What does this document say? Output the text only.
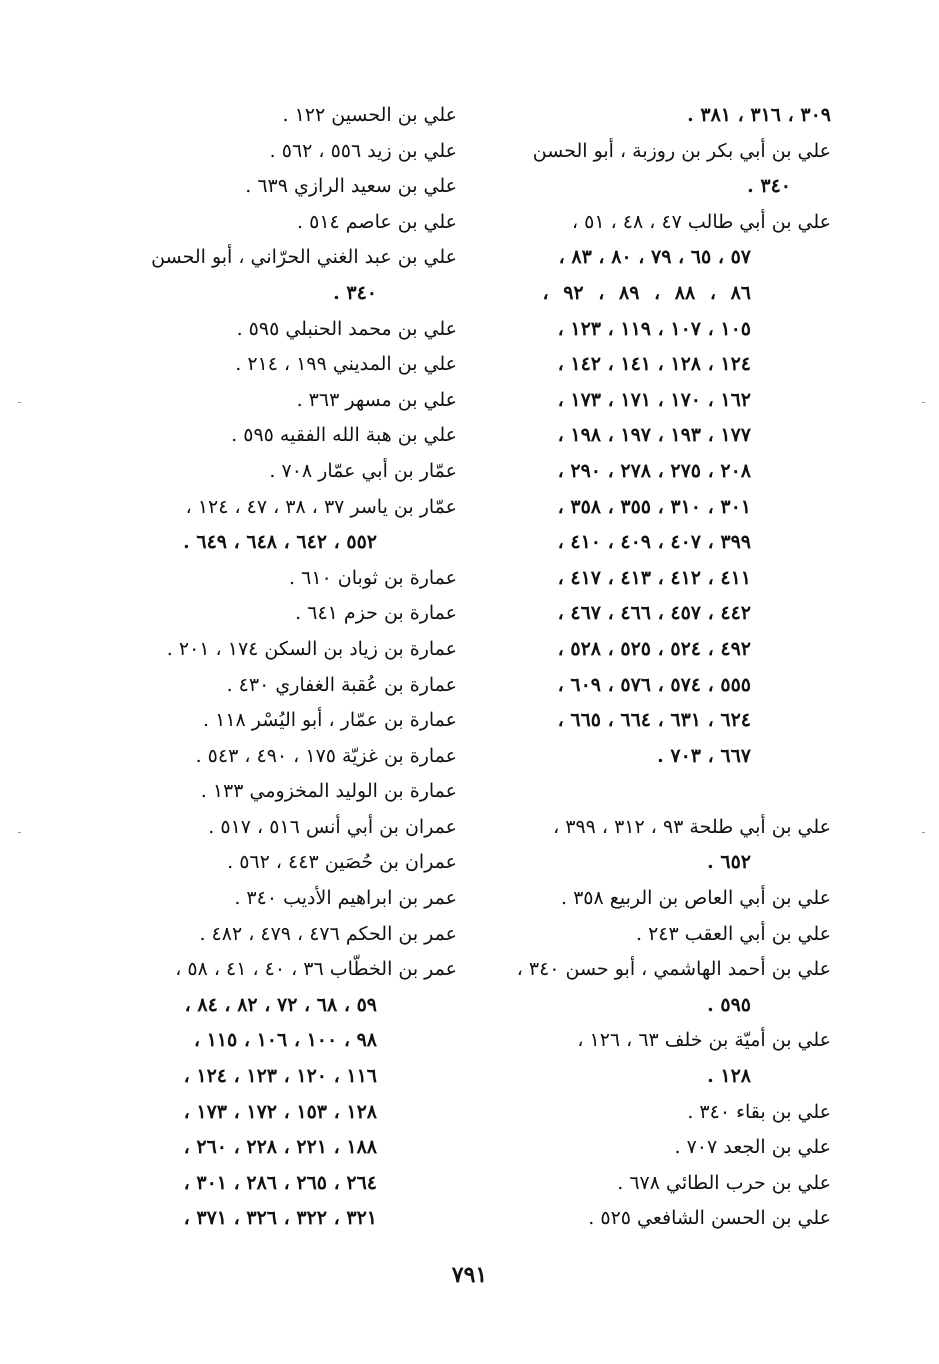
٣٠٩ ، ٣١٦ ، ٣٨١ .
علي بن أبي بكر بن روزبة ، أبو الحسن
٣٤٠ .
علي بن أبي طالب ٤٧ ، ٤٨ ، ٥١ ،
٥٧ ، ٦٥ ، ٧٩ ، ٨٠ ، ٨٣ ،
٨٦ ، ٨٨ ، ٨٩ ، ٩٢ ،
١٠٥ ، ١٠٧ ، ١١٩ ، ١٢٣ ،
١٢٤ ، ١٢٨ ، ١٤١ ، ١٤٢ ،
١٦٢ ، ١٧٠ ، ١٧١ ، ١٧٣ ،
١٧٧ ، ١٩٣ ، ١٩٧ ، ١٩٨ ،
٢٠٨ ، ٢٧٥ ، ٢٧٨ ، ٢٩٠ ،
٣٠١ ، ٣١٠ ، ٣٥٥ ، ٣٥٨ ،
٣٩٩ ، ٤٠٧ ، ٤٠٩ ، ٤١٠ ،
٤١١ ، ٤١٢ ، ٤١٣ ، ٤١٧ ،
٤٤٢ ، ٤٥٧ ، ٤٦٦ ، ٤٦٧ ،
٤٩٢ ، ٥٢٤ ، ٥٢٥ ، ٥٢٨ ،
٥٥٥ ، ٥٧٤ ، ٥٧٦ ، ٦٠٩ ،
٦٢٤ ، ٦٣١ ، ٦٦٤ ، ٦٦٥ ،
٦٦٧ ، ٧٠٣ .
علي بن أبي طلحة ٩٣ ، ٣١٢ ، ٣٩٩ ،
٦٥٢ .
علي بن أبي العاص بن الربيع ٣٥٨ .
علي بن أبي العقب ٢٤٣ .
علي بن أحمد الهاشمي ، أبو حسن ٣٤٠ ،
٥٩٥ .
علي بن أميّة بن خلف ٦٣ ، ١٢٦ ،
١٢٨ .
علي بن بقاء ٣٤٠ .
علي بن الجعد ٧٠٧ .
علي بن حرب الطائي ٦٧٨ .
علي بن الحسن الشافعي ٥٢٥ .
علي بن الحسين ١٢٢ .
علي بن زيد ٥٥٦ ، ٥٦٢ .
علي بن سعيد الرازي ٦٣٩ .
علي بن عاصم ٥١٤ .
علي بن عبد الغني الحرّاني ، أبو الحسن
٣٤٠ .
علي بن محمد الحنبلي ٥٩٥ .
علي بن المديني ١٩٩ ، ٢١٤ .
علي بن مسهر ٣٦٣ .
علي بن هبة الله الفقيه ٥٩٥ .
عمّار بن أبي عمّار ٧٠٨ .
عمّار بن ياسر ٣٧ ، ٣٨ ، ٤٧ ، ١٢٤ ،
٥٥٢ ، ٦٤٢ ، ٦٤٨ ، ٦٤٩ .
عمارة بن ثوبان ٦١٠ .
عمارة بن حزم ٦٤١ .
عمارة بن زياد بن السكن ١٧٤ ، ٢٠١ .
عمارة بن عُقبة الغفاري ٤٣٠ .
عمارة بن عمّار ، أبو اليُسْر ١١٨ .
عمارة بن غزيّة ١٧٥ ، ٤٩٠ ، ٥٤٣ .
عمارة بن الوليد المخزومي ١٣٣ .
عمران بن أبي أنس ٥١٦ ، ٥١٧ .
عمران بن حُصَين ٤٤٣ ، ٥٦٢ .
عمر بن ابراهيم الأديب ٣٤٠ .
عمر بن الحكم ٤٧٦ ، ٤٧٩ ، ٤٨٢ .
عمر بن الخطّاب ٣٦ ، ٤٠ ، ٤١ ، ٥٨ ،
٥٩ ، ٦٨ ، ٧٢ ، ٨٢ ، ٨٤ ،
٩٨ ، ١٠٠ ، ١٠٦ ، ١١٥ ،
١١٦ ، ١٢٠ ، ١٢٣ ، ١٢٤ ،
١٢٨ ، ١٥٣ ، ١٧٢ ، ١٧٣ ،
١٨٨ ، ٢٢١ ، ٢٢٨ ، ٢٦٠ ،
٢٦٤ ، ٢٦٥ ، ٢٨٦ ، ٣٠١ ،
٣٢١ ، ٣٢٢ ، ٣٢٦ ، ٣٧١ ،
٧٩١
